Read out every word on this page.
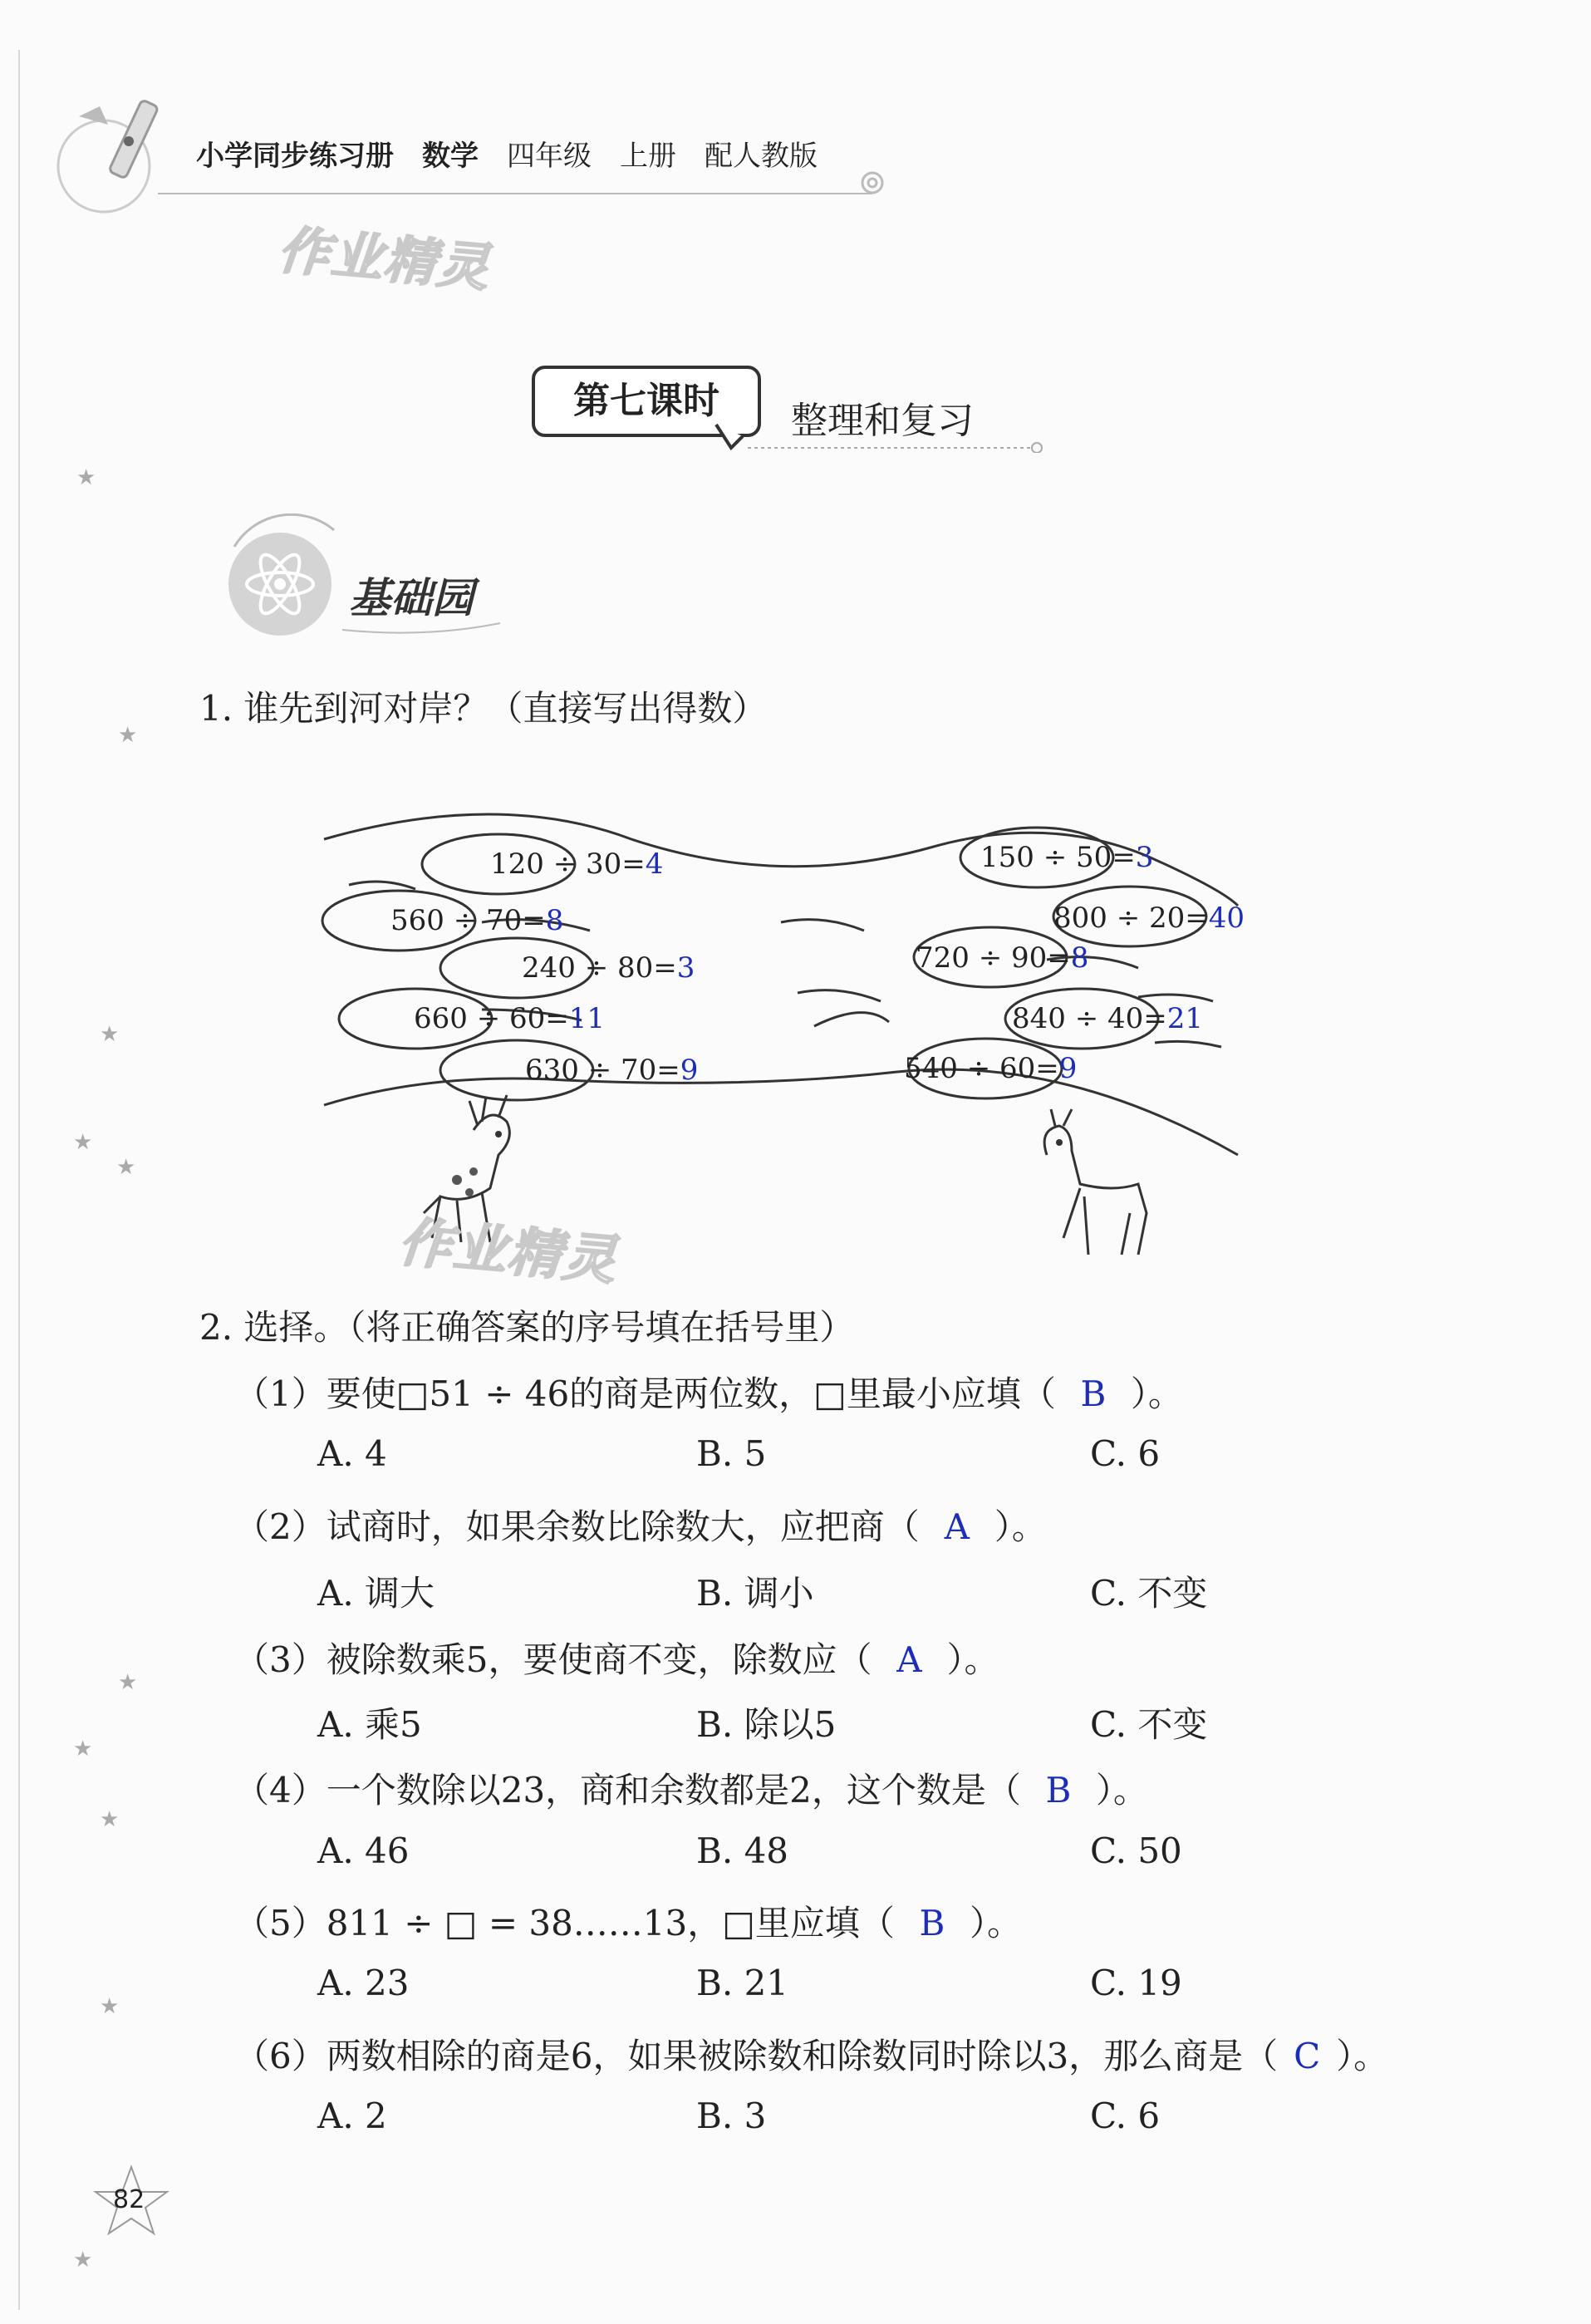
小学同步练习册 数学 四年级 上册 配人教版
作业精灵
★
★
★
★
★
★
★
★
★
★
第七课时	整理和复习
基础园
1. 谁先到河对岸？（直接写出得数）
120 ÷ 30=4
560 ÷ 70=8
240 ÷ 80=3
660 ÷ 60=11
630 ÷ 70=9
150 ÷ 50=3
800 ÷ 20=40
720 ÷ 90=8
840 ÷ 40=21
540 ÷ 60=9
作业精灵
2. 选择。（将正确答案的序号填在括号里）
（1）要使□51 ÷ 46的商是两位数，□里最小应填（ B ）。
A. 4	B. 5	C. 6
（2）试商时，如果余数比除数大，应把商（ A ）。
A. 调大	B. 调小	C. 不变
（3）被除数乘5，要使商不变，除数应（ A ）。
A. 乘5	B. 除以5	C. 不变
（4）一个数除以23，商和余数都是2，这个数是（ B ）。
A. 46	B. 48	C. 50
（5）811 ÷ □ = 38……13，□里应填（ B ）。
A. 23	B. 21	C. 19
（6）两数相除的商是6，如果被除数和除数同时除以3，那么商是（ C ）。
A. 2	B. 3	C. 6
82
